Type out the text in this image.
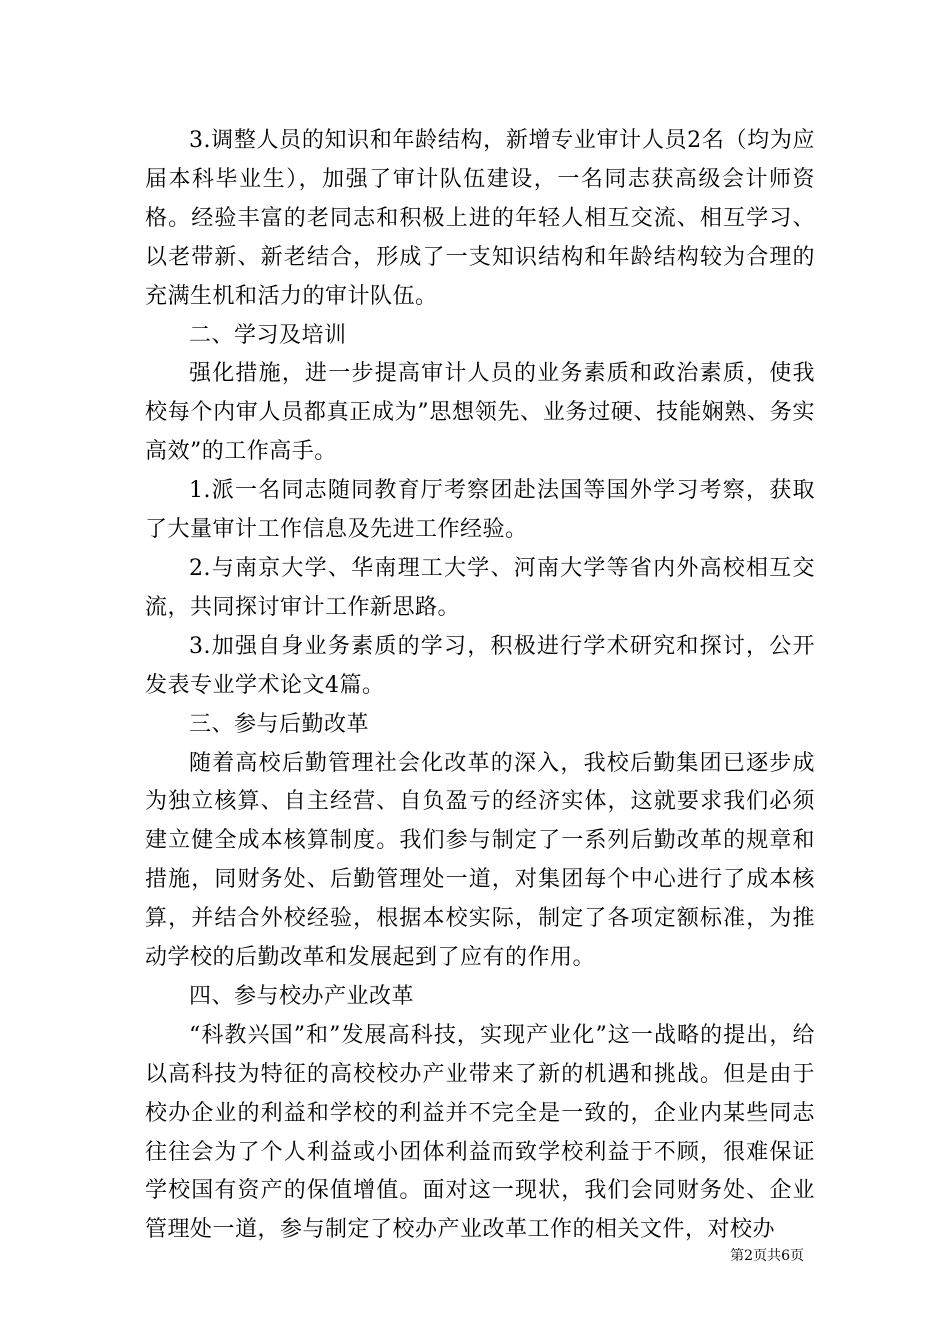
3.调整人员的知识和年龄结构，新增专业审计人员2名（均为应届本科毕业生），加强了审计队伍建设，一名同志获高级会计师资格。经验丰富的老同志和积极上进的年轻人相互交流、相互学习、以老带新、新老结合，形成了一支知识结构和年龄结构较为合理的充满生机和活力的审计队伍。

二、学习及培训

强化措施，进一步提高审计人员的业务素质和政治素质，使我校每个内审人员都真正成为”思想领先、业务过硬、技能娴熟、务实高效”的工作高手。

1.派一名同志随同教育厅考察团赴法国等国外学习考察，获取了大量审计工作信息及先进工作经验。

2.与南京大学、华南理工大学、河南大学等省内外高校相互交流，共同探讨审计工作新思路。

3.加强自身业务素质的学习，积极进行学术研究和探讨，公开发表专业学术论文4篇。

三、参与后勤改革

随着高校后勤管理社会化改革的深入，我校后勤集团已逐步成为独立核算、自主经营、自负盈亏的经济实体，这就要求我们必须建立健全成本核算制度。我们参与制定了一系列后勤改革的规章和措施，同财务处、后勤管理处一道，对集团每个中心进行了成本核算，并结合外校经验，根据本校实际，制定了各项定额标准，为推动学校的后勤改革和发展起到了应有的作用。

四、参与校办产业改革

“科教兴国”和”发展高科技，实现产业化”这一战略的提出，给以高科技为特征的高校校办产业带来了新的机遇和挑战。但是由于校办企业的利益和学校的利益并不完全是一致的，企业内某些同志往往会为了个人利益或小团体利益而致学校利益于不顾，很难保证学校国有资产的保值增值。面对这一现状，我们会同财务处、企业管理处一道，参与制定了校办产业改革工作的相关文件，对校办

第2页共6页
